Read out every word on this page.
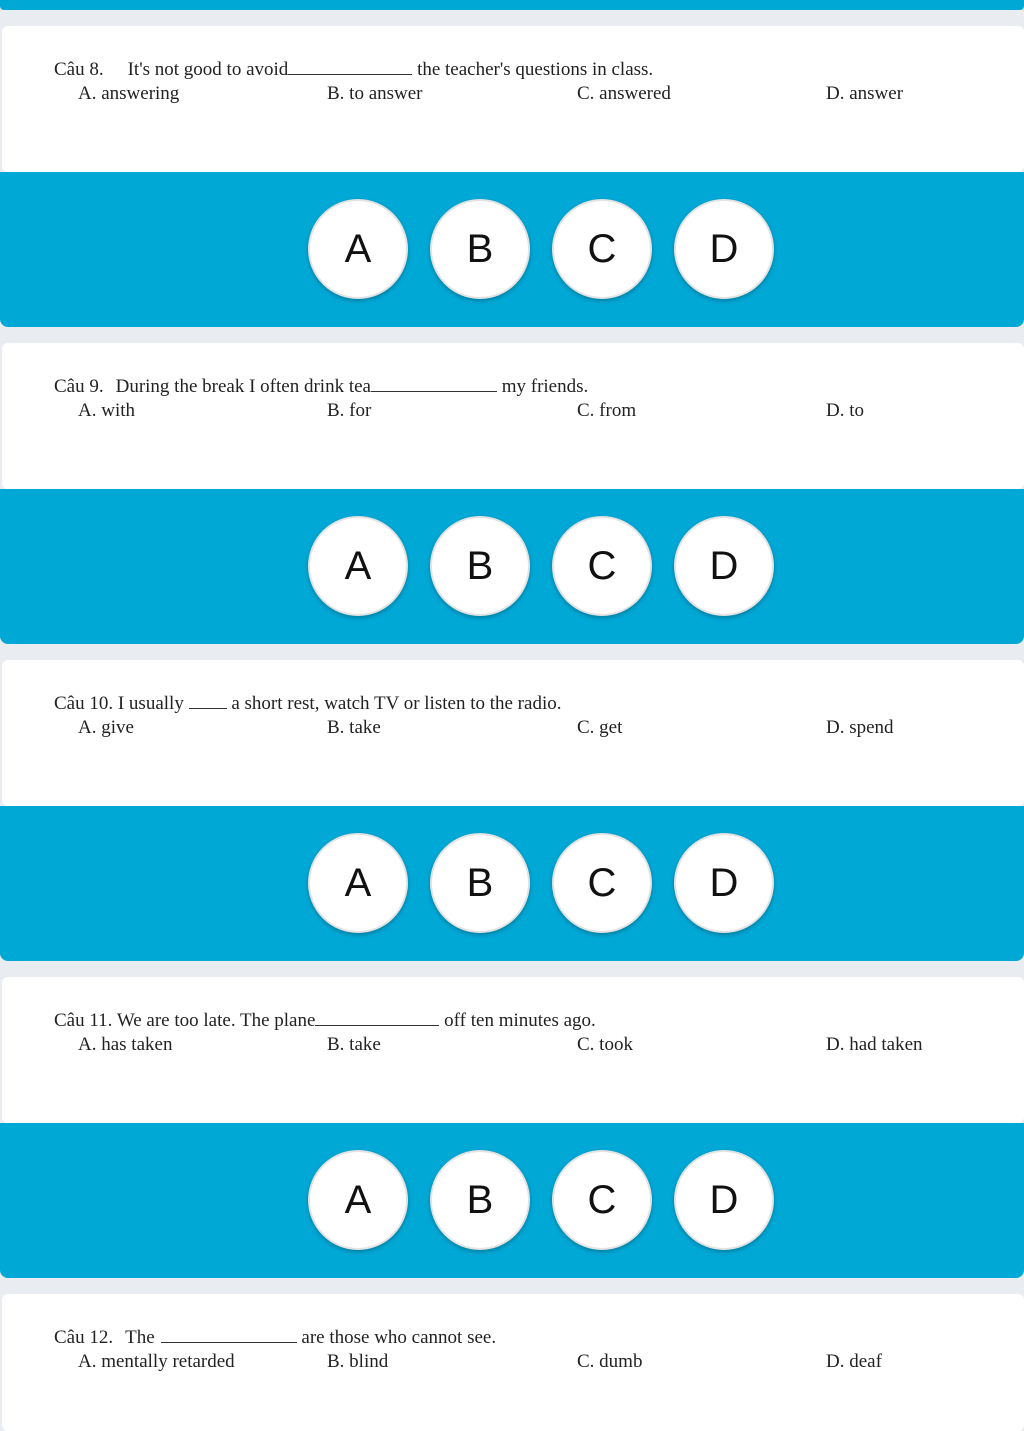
Câu 8. It's not good to avoid	the teacher's questions in class.
A. answering	B. to answer	C. answered	D. answer
A	B	C	D
Câu 9. During the break I often drink tea	my friends.
A. with	B. for	C. from	D. to
A	B	C	D
Câu 10. I usually	a short rest, watch TV or listen to the radio.
A. give	B. take	C. get	D. spend
A	B	C	D
Câu 11. We are too late. The plane	off ten minutes ago.
A. has taken	B. take	C. took	D. had taken
A	B	C	D
Câu 12. The	are those who cannot see.
A. mentally retarded	B. blind	C. dumb	D. deaf
